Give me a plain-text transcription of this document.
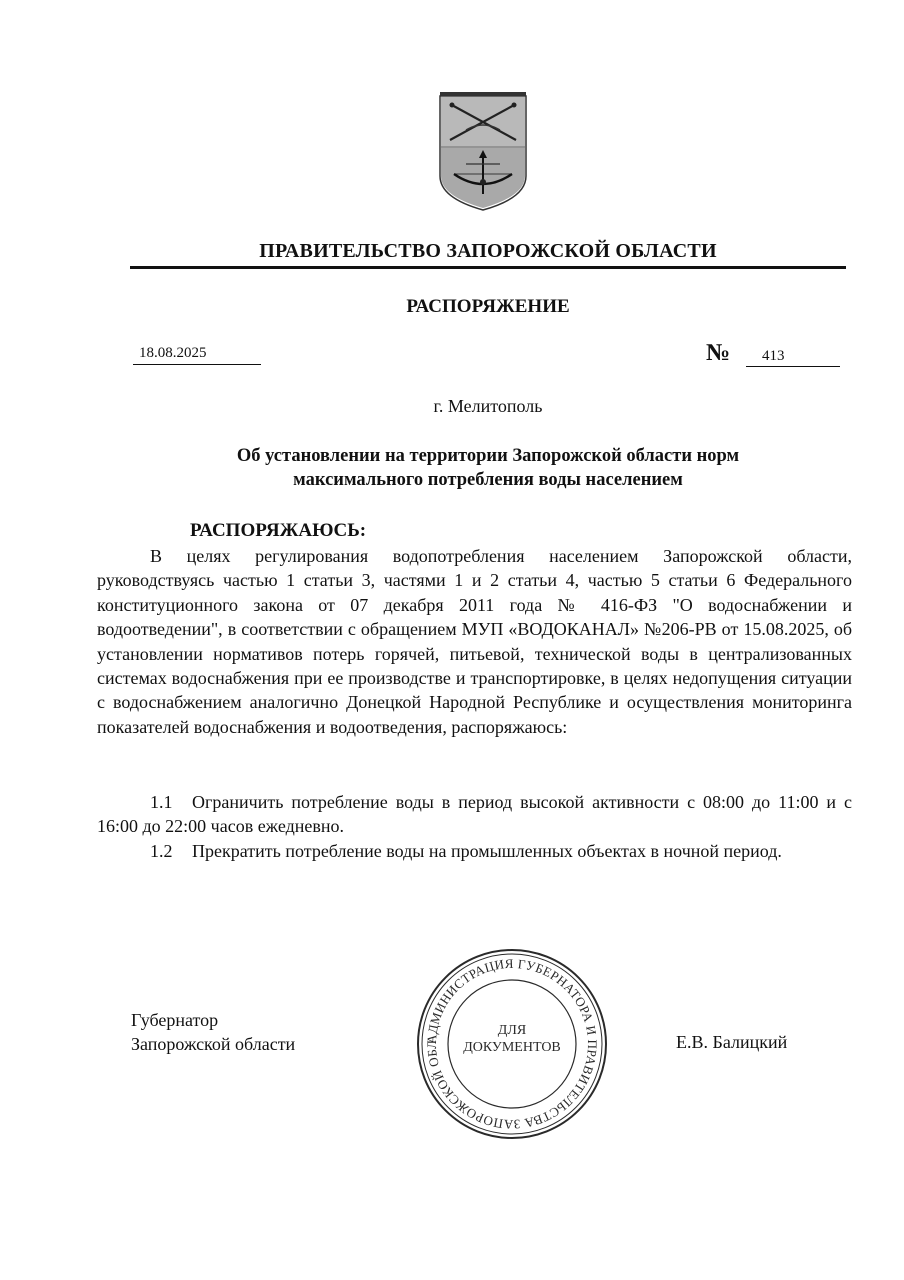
ПРАВИТЕЛЬСТВО ЗАПОРОЖСКОЙ ОБЛАСТИ
РАСПОРЯЖЕНИЕ
18.08.2025	№	413
г. Мелитополь
Об установлении на территории Запорожской области норм
максимального потребления воды населением
РАСПОРЯЖАЮСЬ:

В целях регулирования водопотребления населением Запорожской области, руководствуясь частью 1 статьи 3, частями 1 и 2 статьи 4, частью 5 статьи 6 Федерального конституционного закона от 07 декабря 2011 года № 416-ФЗ "О водоснабжении и водоотведении", в соответствии с обращением МУП «ВОДОКАНАЛ» №206-РВ от 15.08.2025, об установлении нормативов потерь горячей, питьевой, технической воды в централизованных системах водоснабжения при ее производстве и транспортировке, в целях недопущения ситуации с водоснабжением аналогично Донецкой Народной Республике и осуществления мониторинга показателей водоснабжения и водоотведения, распоряжаюсь:

1.1 Ограничить потребление воды в период высокой активности с 08:00 до 11:00 и с 16:00 до 22:00 часов ежедневно.

1.2 Прекратить потребление воды на промышленных объектах в ночной период.

Губернатор
Запорожской области	АДМИНИСТРАЦИЯ ГУБЕРНАТОРА И ПРАВИТЕЛЬСТВА ЗАПОРОЖСКОЙ ОБЛ
ДЛЯ
ДОКУМЕНТОВ	Е.В. Балицкий
